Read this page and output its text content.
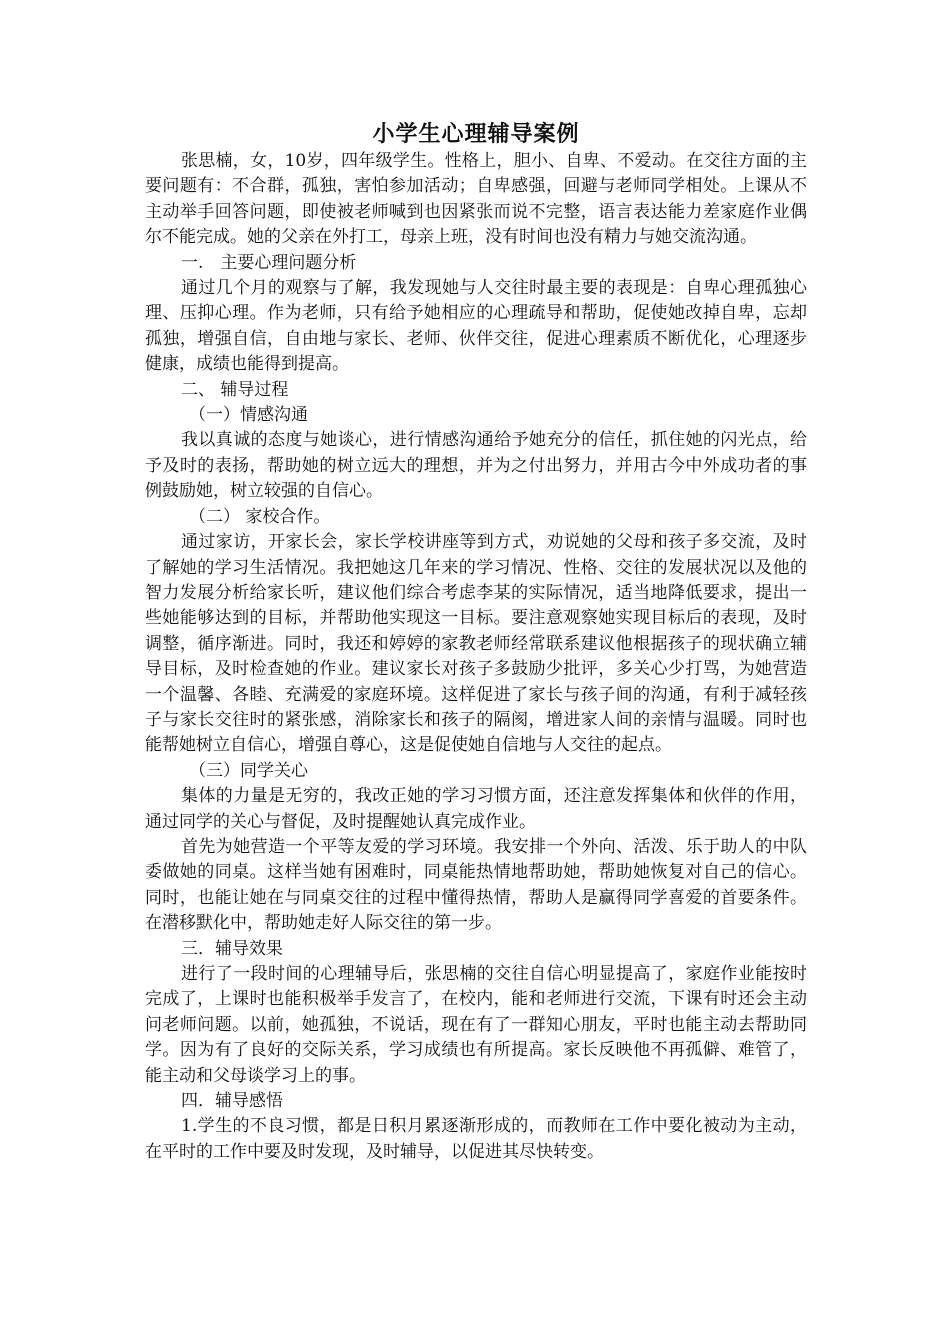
小学生心理辅导案例

张思楠，女，10岁，四年级学生。性格上，胆小、自卑、不爱动。在交往方面的主要问题有：不合群，孤独，害怕参加活动；自卑感强，回避与老师同学相处。上课从不主动举手回答问题，即使被老师喊到也因紧张而说不完整，语言表达能力差家庭作业偶尔不能完成。她的父亲在外打工，母亲上班，没有时间也没有精力与她交流沟通。

一.　主要心理问题分析

通过几个月的观察与了解，我发现她与人交往时最主要的表现是：自卑心理孤独心理、压抑心理。作为老师，只有给予她相应的心理疏导和帮助，促使她改掉自卑，忘却孤独，增强自信，自由地与家长、老师、伙伴交往，促进心理素质不断优化，心理逐步健康，成绩也能得到提高。

二、 辅导过程

（一）情感沟通

我以真诚的态度与她谈心，进行情感沟通给予她充分的信任，抓住她的闪光点，给予及时的表扬，帮助她的树立远大的理想，并为之付出努力，并用古今中外成功者的事例鼓励她，树立较强的自信心。

（二） 家校合作。

通过家访，开家长会，家长学校讲座等到方式，劝说她的父母和孩子多交流，及时了解她的学习生活情况。我把她这几年来的学习情况、性格、交往的发展状况以及他的智力发展分析给家长听，建议他们综合考虑李某的实际情况，适当地降低要求，提出一些她能够达到的目标，并帮助他实现这一目标。要注意观察她实现目标后的表现，及时调整，循序渐进。同时，我还和婷婷的家教老师经常联系建议他根据孩子的现状确立辅导目标，及时检查她的作业。建议家长对孩子多鼓励少批评，多关心少打骂，为她营造一个温馨、各睦、充满爱的家庭环境。这样促进了家长与孩子间的沟通，有利于减轻孩子与家长交往时的紧张感，消除家长和孩子的隔阂，增进家人间的亲情与温暖。同时也能帮她树立自信心，增强自尊心，这是促使她自信地与人交往的起点。

（三）同学关心

集体的力量是无穷的，我改正她的学习习惯方面，还注意发挥集体和伙伴的作用，通过同学的关心与督促，及时提醒她认真完成作业。

首先为她营造一个平等友爱的学习环境。我安排一个外向、活泼、乐于助人的中队委做她的同桌。这样当她有困难时，同桌能热情地帮助她，帮助她恢复对自己的信心。同时，也能让她在与同桌交往的过程中懂得热情，帮助人是赢得同学喜爱的首要条件。在潜移默化中，帮助她走好人际交往的第一步。

三．辅导效果

进行了一段时间的心理辅导后，张思楠的交往自信心明显提高了，家庭作业能按时完成了，上课时也能积极举手发言了，在校内，能和老师进行交流，下课有时还会主动问老师问题。以前，她孤独，不说话，现在有了一群知心朋友，平时也能主动去帮助同学。因为有了良好的交际关系，学习成绩也有所提高。家长反映他不再孤僻、难管了，能主动和父母谈学习上的事。

四．辅导感悟

1.学生的不良习惯，都是日积月累逐渐形成的，而教师在工作中要化被动为主动，在平时的工作中要及时发现，及时辅导，以促进其尽快转变。
